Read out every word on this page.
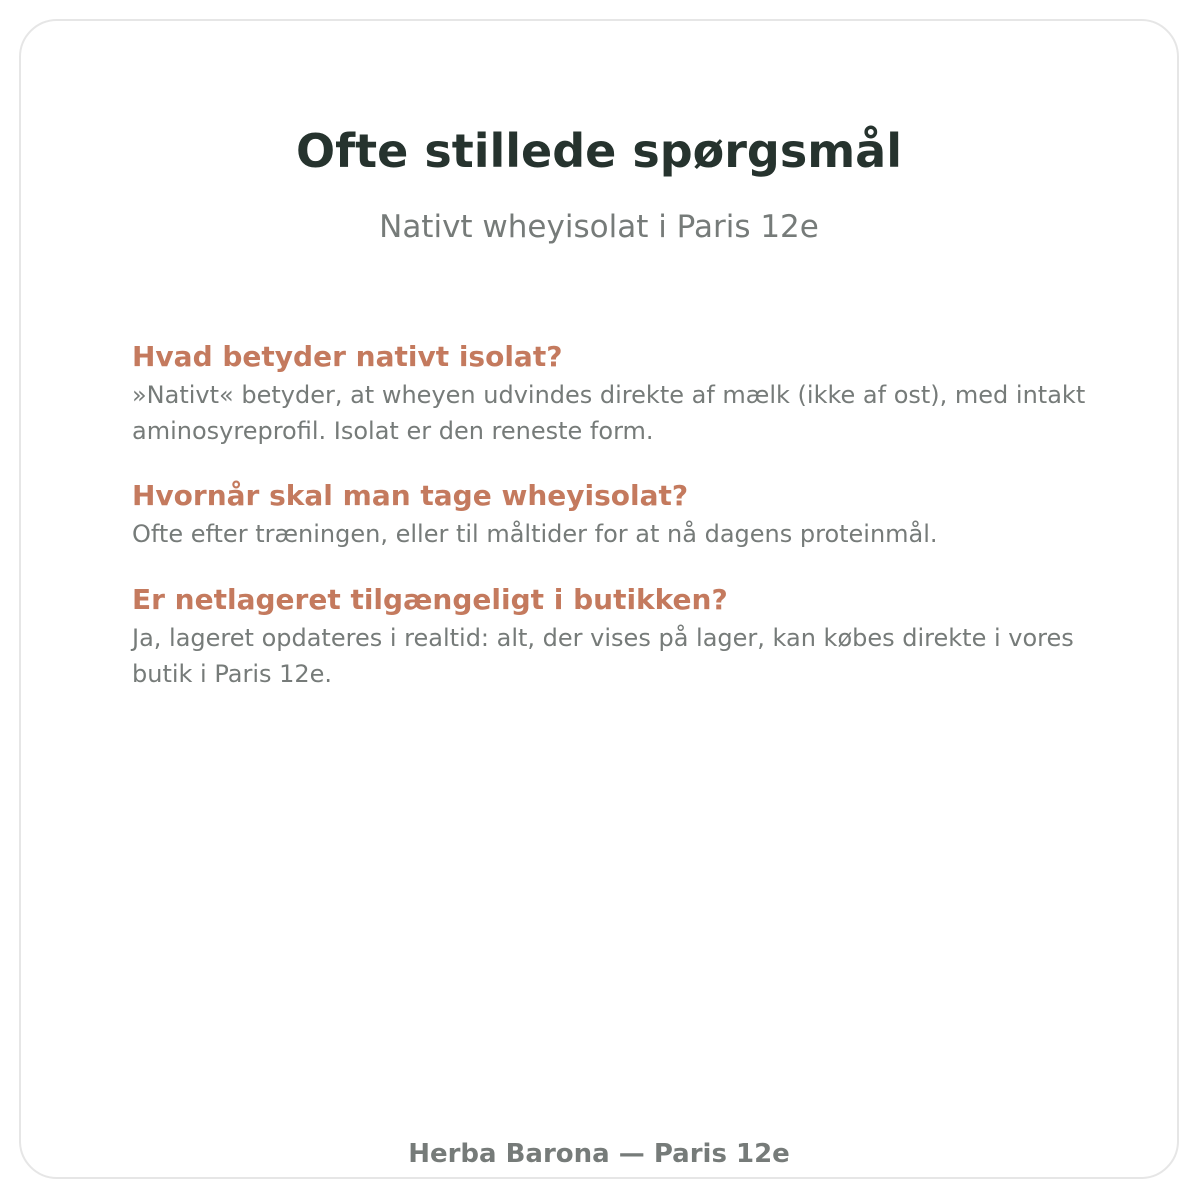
Ofte stillede spørgsmål

Nativt wheyisolat i Paris 12e

Hvad betyder nativt isolat?

»Nativt« betyder, at wheyen udvindes direkte af mælk (ikke af ost), med intakt aminosyreprofil. Isolat er den reneste form.

Hvornår skal man tage wheyisolat?

Ofte efter træningen, eller til måltider for at nå dagens proteinmål.

Er netlageret tilgængeligt i butikken?

Ja, lageret opdateres i realtid: alt, der vises på lager, kan købes direkte i vores butik i Paris 12e.

Herba Barona — Paris 12e
